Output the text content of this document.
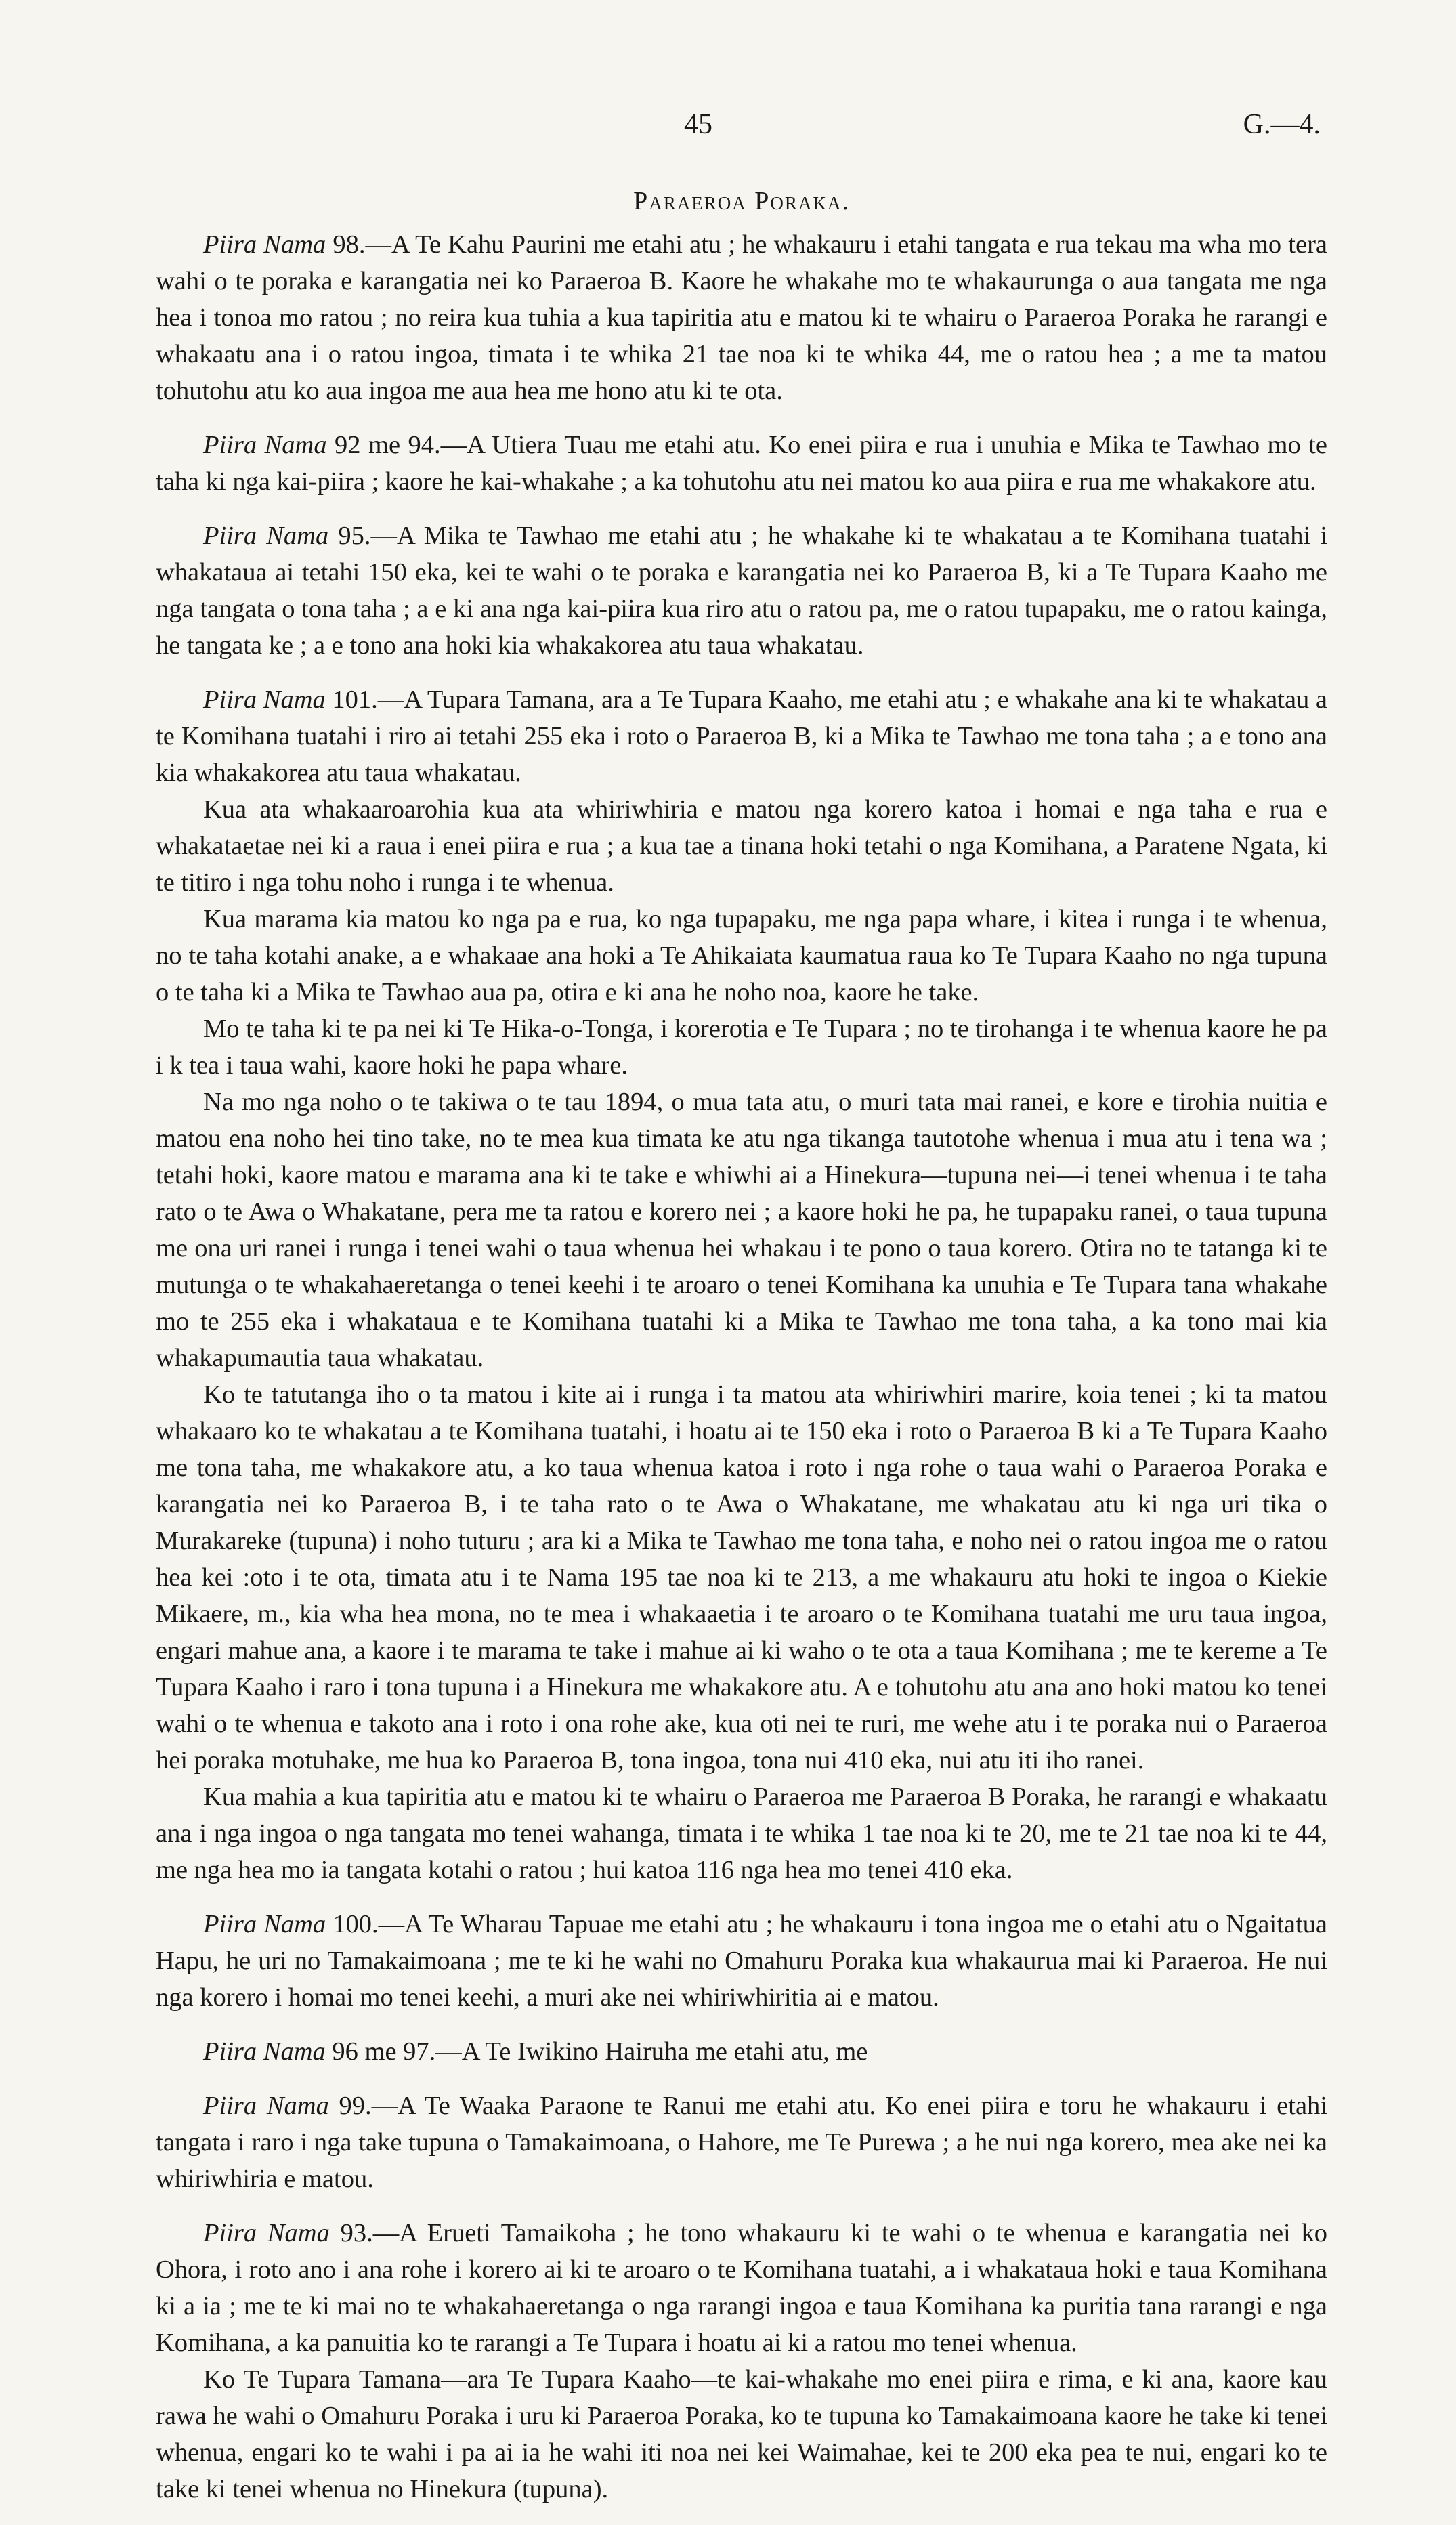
45	G.—4.
Paraeroa Poraka.

Piira Nama 98.—A Te Kahu Paurini me etahi atu ; he whakauru i etahi tangata e rua tekau ma wha mo tera wahi o te poraka e karangatia nei ko Paraeroa B. Kaore he whakahe mo te whakaurunga o aua tangata me nga hea i tonoa mo ratou ; no reira kua tuhia a kua tapiritia atu e matou ki te whairu o Paraeroa Poraka he rarangi e whakaatu ana i o ratou ingoa, timata i te whika 21 tae noa ki te whika 44, me o ratou hea ; a me ta matou tohutohu atu ko aua ingoa me aua hea me hono atu ki te ota.

Piira Nama 92 me 94.—A Utiera Tuau me etahi atu. Ko enei piira e rua i unuhia e Mika te Tawhao mo te taha ki nga kai-piira ; kaore he kai-whakahe ; a ka tohutohu atu nei matou ko aua piira e rua me whakakore atu.

Piira Nama 95.—A Mika te Tawhao me etahi atu ; he whakahe ki te whakatau a te Komihana tuatahi i whakataua ai tetahi 150 eka, kei te wahi o te poraka e karangatia nei ko Paraeroa B, ki a Te Tupara Kaaho me nga tangata o tona taha ; a e ki ana nga kai-piira kua riro atu o ratou pa, me o ratou tupapaku, me o ratou kainga, he tangata ke ; a e tono ana hoki kia whakakorea atu taua whakatau.

Piira Nama 101.—A Tupara Tamana, ara a Te Tupara Kaaho, me etahi atu ; e whakahe ana ki te whakatau a te Komihana tuatahi i riro ai tetahi 255 eka i roto o Paraeroa B, ki a Mika te Tawhao me tona taha ; a e tono ana kia whakakorea atu taua whakatau.

Kua ata whakaaroarohia kua ata whiriwhiria e matou nga korero katoa i homai e nga taha e rua e whakataetae nei ki a raua i enei piira e rua ; a kua tae a tinana hoki tetahi o nga Komihana, a Paratene Ngata, ki te titiro i nga tohu noho i runga i te whenua.

Kua marama kia matou ko nga pa e rua, ko nga tupapaku, me nga papa whare, i kitea i runga i te whenua, no te taha kotahi anake, a e whakaae ana hoki a Te Ahikaiata kaumatua raua ko Te Tupara Kaaho no nga tupuna o te taha ki a Mika te Tawhao aua pa, otira e ki ana he noho noa, kaore he take.

Mo te taha ki te pa nei ki Te Hika-o-Tonga, i korerotia e Te Tupara ; no te tirohanga i te whenua kaore he pa i k tea i taua wahi, kaore hoki he papa whare.

Na mo nga noho o te takiwa o te tau 1894, o mua tata atu, o muri tata mai ranei, e kore e tirohia nuitia e matou ena noho hei tino take, no te mea kua timata ke atu nga tikanga tautotohe whenua i mua atu i tena wa ; tetahi hoki, kaore matou e marama ana ki te take e whiwhi ai a Hinekura—tupuna nei—i tenei whenua i te taha rato o te Awa o Whakatane, pera me ta ratou e korero nei ; a kaore hoki he pa, he tupapaku ranei, o taua tupuna me ona uri ranei i runga i tenei wahi o taua whenua hei whakau i te pono o taua korero. Otira no te tatanga ki te mutunga o te whakahaeretanga o tenei keehi i te aroaro o tenei Komihana ka unuhia e Te Tupara tana whakahe mo te 255 eka i whakataua e te Komihana tuatahi ki a Mika te Tawhao me tona taha, a ka tono mai kia whakapumautia taua whakatau.

Ko te tatutanga iho o ta matou i kite ai i runga i ta matou ata whiriwhiri marire, koia tenei ; ki ta matou whakaaro ko te whakatau a te Komihana tuatahi, i hoatu ai te 150 eka i roto o Paraeroa B ki a Te Tupara Kaaho me tona taha, me whakakore atu, a ko taua whenua katoa i roto i nga rohe o taua wahi o Paraeroa Poraka e karangatia nei ko Paraeroa B, i te taha rato o te Awa o Whakatane, me whakatau atu ki nga uri tika o Murakareke (tupuna) i noho tuturu ; ara ki a Mika te Tawhao me tona taha, e noho nei o ratou ingoa me o ratou hea kei :oto i te ota, timata atu i te Nama 195 tae noa ki te 213, a me whakauru atu hoki te ingoa o Kiekie Mikaere, m., kia wha hea mona, no te mea i whakaaetia i te aroaro o te Komihana tuatahi me uru taua ingoa, engari mahue ana, a kaore i te marama te take i mahue ai ki waho o te ota a taua Komihana ; me te kereme a Te Tupara Kaaho i raro i tona tupuna i a Hinekura me whakakore atu. A e tohutohu atu ana ano hoki matou ko tenei wahi o te whenua e takoto ana i roto i ona rohe ake, kua oti nei te ruri, me wehe atu i te poraka nui o Paraeroa hei poraka motuhake, me hua ko Paraeroa B, tona ingoa, tona nui 410 eka, nui atu iti iho ranei.

Kua mahia a kua tapiritia atu e matou ki te whairu o Paraeroa me Paraeroa B Poraka, he rarangi e whakaatu ana i nga ingoa o nga tangata mo tenei wahanga, timata i te whika 1 tae noa ki te 20, me te 21 tae noa ki te 44, me nga hea mo ia tangata kotahi o ratou ; hui katoa 116 nga hea mo tenei 410 eka.

Piira Nama 100.—A Te Wharau Tapuae me etahi atu ; he whakauru i tona ingoa me o etahi atu o Ngaitatua Hapu, he uri no Tamakaimoana ; me te ki he wahi no Omahuru Poraka kua whakaurua mai ki Paraeroa. He nui nga korero i homai mo tenei keehi, a muri ake nei whiriwhiritia ai e matou.

Piira Nama 96 me 97.—A Te Iwikino Hairuha me etahi atu, me

Piira Nama 99.—A Te Waaka Paraone te Ranui me etahi atu. Ko enei piira e toru he whakauru i etahi tangata i raro i nga take tupuna o Tamakaimoana, o Hahore, me Te Purewa ; a he nui nga korero, mea ake nei ka whiriwhiria e matou.

Piira Nama 93.—A Erueti Tamaikoha ; he tono whakauru ki te wahi o te whenua e karangatia nei ko Ohora, i roto ano i ana rohe i korero ai ki te aroaro o te Komihana tuatahi, a i whakataua hoki e taua Komihana ki a ia ; me te ki mai no te whakahaeretanga o nga rarangi ingoa e taua Komihana ka puritia tana rarangi e nga Komihana, a ka panuitia ko te rarangi a Te Tupara i hoatu ai ki a ratou mo tenei whenua.

Ko Te Tupara Tamana—ara Te Tupara Kaaho—te kai-whakahe mo enei piira e rima, e ki ana, kaore kau rawa he wahi o Omahuru Poraka i uru ki Paraeroa Poraka, ko te tupuna ko Tamakaimoana kaore he take ki tenei whenua, engari ko te wahi i pa ai ia he wahi iti noa nei kei Waimahae, kei te 200 eka pea te nui, engari ko te take ki tenei whenua no Hinekura (tupuna).
